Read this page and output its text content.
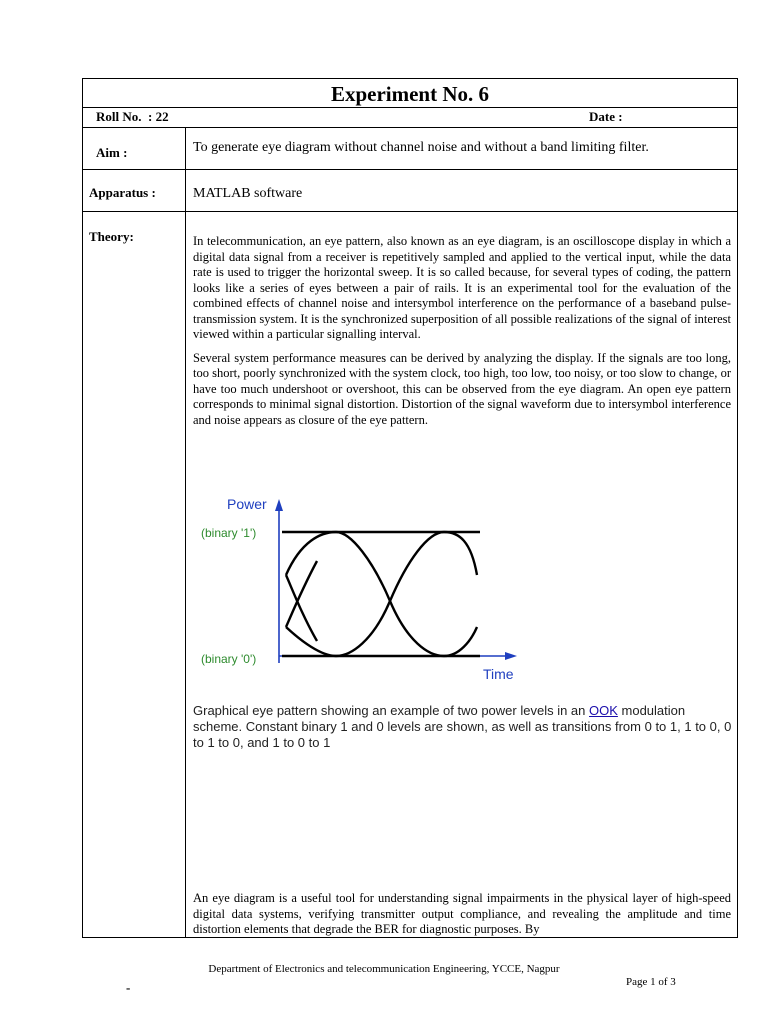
Experiment No. 6
Roll No.  : 22	Date :
Aim :	To generate eye diagram without channel noise and without a band limiting filter.
Apparatus :	MATLAB software
Theory:	In telecommunication, an eye pattern, also known as an eye diagram, is an oscilloscope display in which a digital data signal from a receiver is repetitively sampled and applied to the vertical input, while the data rate is used to trigger the horizontal sweep. It is so called because, for several types of coding, the pattern looks like a series of eyes between a pair of rails. It is an experimental tool for the evaluation of the combined effects of channel noise and intersymbol interference on the performance of a baseband pulse-transmission system. It is the synchronized superposition of all possible realizations of the signal of interest viewed within a particular signalling interval.

Several system performance measures can be derived by analyzing the display. If the signals are too long, too short, poorly synchronized with the system clock, too high, too low, too noisy, or too slow to change, or have too much undershoot or overshoot, this can be observed from the eye diagram. An open eye pattern corresponds to minimal signal distortion. Distortion of the signal waveform due to intersymbol interference and noise appears as closure of the eye pattern.

Power
(binary '1')
(binary '0')
Time
Graphical eye pattern showing an example of two power levels in an OOK modulation scheme. Constant binary 1 and 0 levels are shown, as well as transitions from 0 to 1, 1 to 0, 0 to 1 to 0, and 1 to 0 to 1
An eye diagram is a useful tool for understanding signal impairments in the physical layer of high-speed digital data systems, verifying transmitter output compliance, and revealing the amplitude and time distortion elements that degrade the BER for diagnostic purposes. By
Department of Electronics and telecommunication Engineering, YCCE, Nagpur
Page 1 of 3
-
